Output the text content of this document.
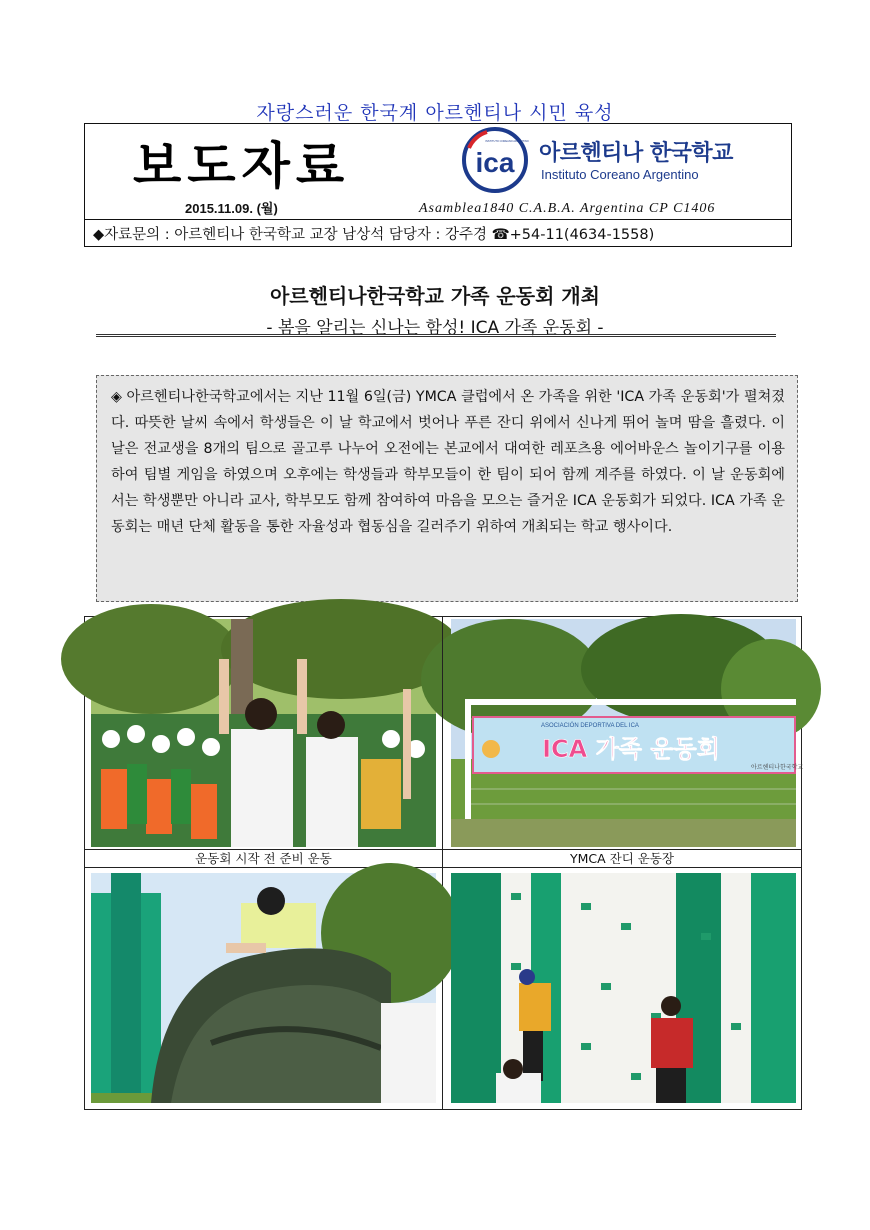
자랑스러운 한국계 아르헨티나 시민 육성
보도자료	ica
INSTITUTO COREANO ARGENTINO 아르헨티나 한국학교
Instituto Coreano Argentino
2015.11.09. (월)	Asamblea1840 C.A.B.A. Argentina CP C1406
◆자료문의 : 아르헨티나 한국학교 교장 남상석 담당자 : 강주경 ☎+54-11(4634-1558)
아르헨티나한국학교 가족 운동회 개최
- 봄을 알리는 신나는 함성! ICA 가족 운동회 -
◈ 아르헨티나한국학교에서는 지난 11월 6일(금) YMCA 클럽에서 온 가족을 위한 'ICA 가족 운동회'가 펼쳐졌다. 따뜻한 날씨 속에서 학생들은 이 날 학교에서 벗어나 푸른 잔디 위에서 신나게 뛰어 놀며 땀을 흘렸다. 이 날은 전교생을 8개의 팀으로 골고루 나누어 오전에는 본교에서 대여한 레포츠용 에어바운스 놀이기구를 이용하여 팀별 게임을 하였으며 오후에는 학생들과 학부모들이 한 팀이 되어 함께 계주를 하였다. 이 날 운동회에서는 학생뿐만 아니라 교사, 학부모도 함께 참여하여 마음을 모으는 즐거운 ICA 운동회가 되었다. ICA 가족 운동회는 매년 단체 활동을 통한 자율성과 협동심을 길러주기 위하여 개최되는 학교 행사이다.
ASOCIACIÓN DEPORTIVA DEL ICA
ICA 가족 운동회
아르헨티나한국학교
운동회 시작 전 준비 운동	YMCA 잔디 운동장
